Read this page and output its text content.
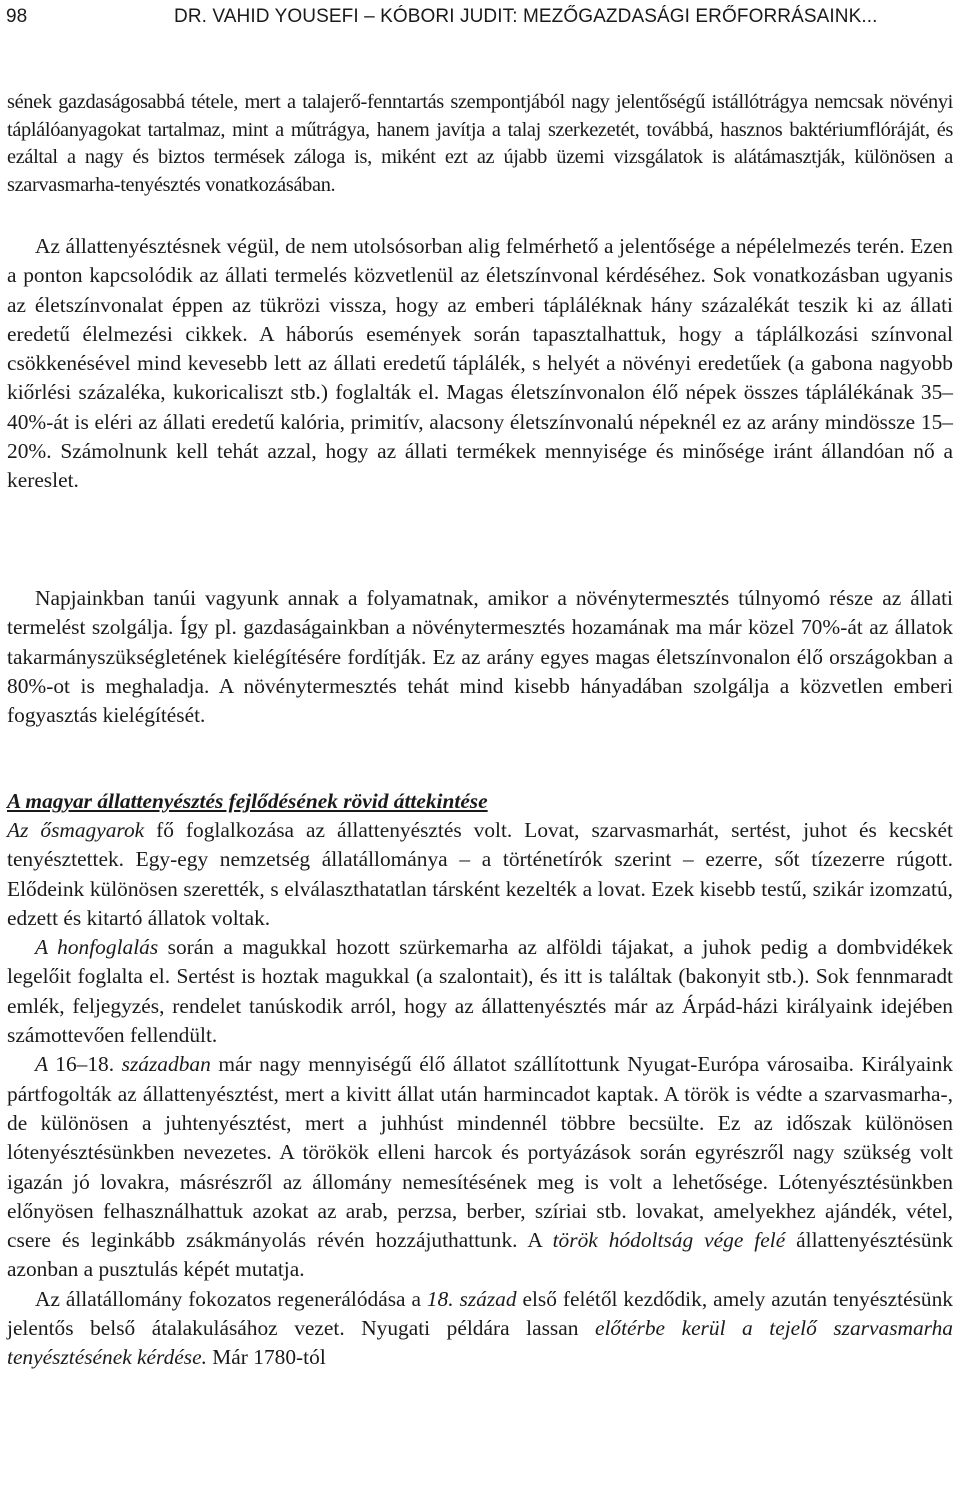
98	DR. VAHID YOUSEFI – KÓBORI JUDIT: MEZŐGAZDASÁGI ERŐFORRÁSAINK...

sének gazdaságosabbá tétele, mert a talajerő-fenntartás szempontjából nagy jelentőségű istállótrágya nemcsak növényi táplálóanyagokat tartalmaz, mint a műtrágya, hanem javítja a talaj szerkezetét, továbbá, hasznos baktériumflóráját, és ezáltal a nagy és biztos termések záloga is, miként ezt az újabb üzemi vizsgálatok is alátámasztják, különösen a szarvasmarha-tenyésztés vonatkozásában.

Az állattenyésztésnek végül, de nem utolsósorban alig felmérhető a jelentősége a népélelmezés terén. Ezen a ponton kapcsolódik az állati termelés közvetlenül az életszínvonal kérdéséhez. Sok vonatkozásban ugyanis az életszínvonalat éppen az tükrözi vissza, hogy az emberi tápláléknak hány százalékát teszik ki az állati eredetű élelmezési cikkek. A háborús események során tapasztalhattuk, hogy a táplálkozási színvonal csökkenésével mind kevesebb lett az állati eredetű táplálék, s helyét a növényi eredetűek (a gabona nagyobb kiőrlési százaléka, kukoricaliszt stb.) foglalták el. Magas életszínvonalon élő népek összes táplálékának 35–40%-át is eléri az állati eredetű kalória, primitív, alacsony életszínvonalú népeknél ez az arány mindössze 15–20%. Számolnunk kell tehát azzal, hogy az állati termékek mennyisége és minősége iránt állandóan nő a kereslet.

Napjainkban tanúi vagyunk annak a folyamatnak, amikor a növénytermesztés túlnyomó része az állati termelést szolgálja. Így pl. gazdaságainkban a növénytermesztés hozamának ma már közel 70%-át az állatok takarmányszükségletének kielégítésére fordítják. Ez az arány egyes magas életszínvonalon élő országokban a 80%-ot is meghaladja. A növénytermesztés tehát mind kisebb hányadában szolgálja a közvetlen emberi fogyasztás kielégítését.

A magyar állattenyésztés fejlődésének rövid áttekintése

Az ősmagyarok fő foglalkozása az állattenyésztés volt. Lovat, szarvasmarhát, sertést, juhot és kecskét tenyésztettek. Egy-egy nemzetség állatállománya – a történetírók szerint – ezerre, sőt tízezerre rúgott. Elődeink különösen szerették, s elválaszthatatlan társként kezelték a lovat. Ezek kisebb testű, szikár izomzatú, edzett és kitartó állatok voltak.

A honfoglalás során a magukkal hozott szürkemarha az alföldi tájakat, a juhok pedig a dombvidékek legelőit foglalta el. Sertést is hoztak magukkal (a szalontait), és itt is találtak (bakonyit stb.). Sok fennmaradt emlék, feljegyzés, rendelet tanúskodik arról, hogy az állattenyésztés már az Árpád-házi királyaink idejében számottevően fellendült.

A 16–18. században már nagy mennyiségű élő állatot szállítottunk Nyugat-Európa városaiba. Királyaink pártfogolták az állattenyésztést, mert a kivitt állat után harmincadot kaptak. A török is védte a szarvasmarha-, de különösen a juhtenyésztést, mert a juhhúst mindennél többre becsülte. Ez az időszak különösen lótenyésztésünkben nevezetes. A törökök elleni harcok és portyázások során egyrészről nagy szükség volt igazán jó lovakra, másrészről az állomány nemesítésének meg is volt a lehetősége. Lótenyésztésünkben előnyösen felhasználhattuk azokat az arab, perzsa, berber, szíriai stb. lovakat, amelyekhez ajándék, vétel, csere és leginkább zsákmányolás révén hozzájuthattunk. A török hódoltság vége felé állattenyésztésünk azonban a pusztulás képét mutatja.

Az állatállomány fokozatos regenerálódása a 18. század első felétől kezdődik, amely azután tenyésztésünk jelentős belső átalakulásához vezet. Nyugati példára lassan előtérbe kerül a tejelő szarvasmarha tenyésztésének kérdése. Már 1780-tól
